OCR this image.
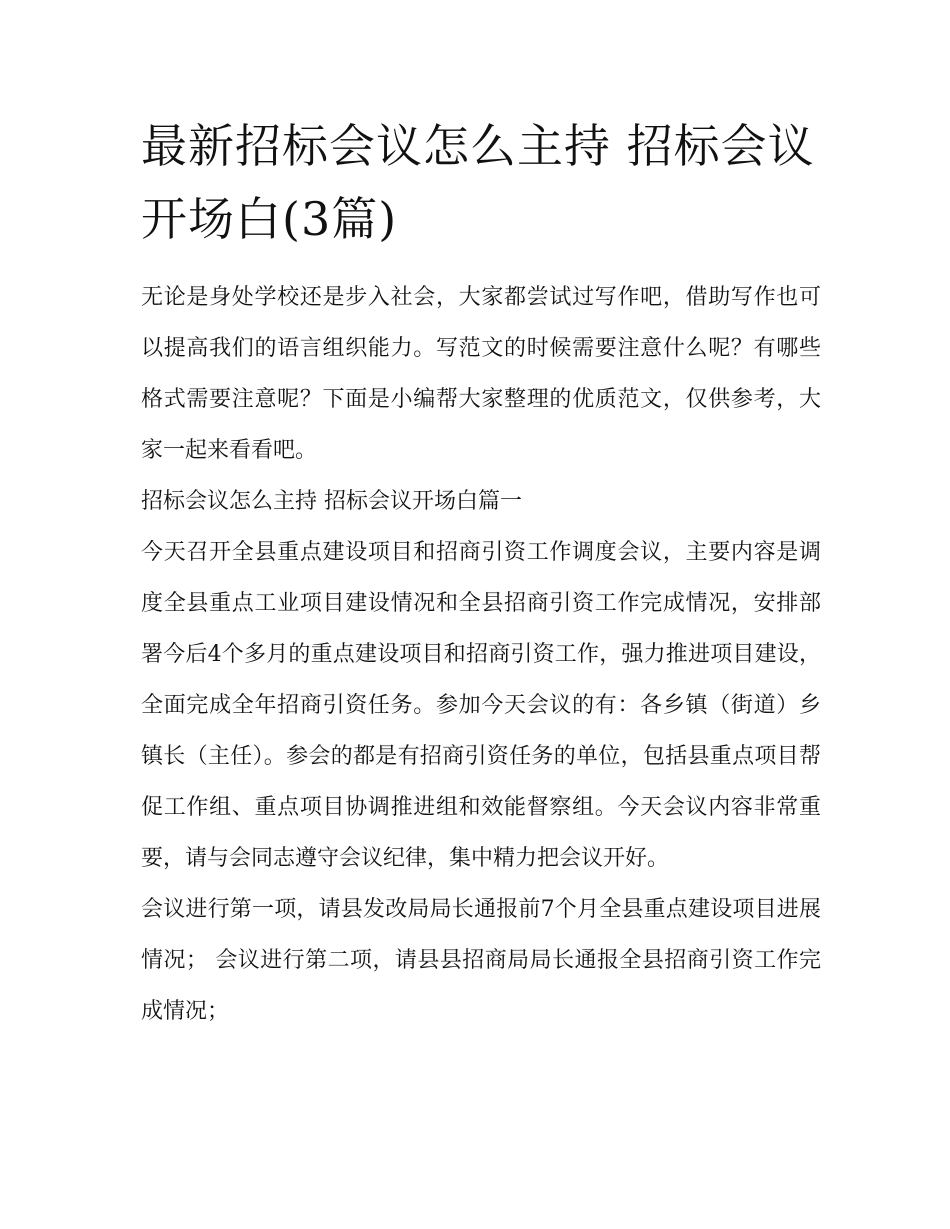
最新招标会议怎么主持 招标会议开场白(3篇)

无论是身处学校还是步入社会，大家都尝试过写作吧，借助写作也可以提高我们的语言组织能力。写范文的时候需要注意什么呢？有哪些格式需要注意呢？下面是小编帮大家整理的优质范文，仅供参考，大家一起来看看吧。

招标会议怎么主持 招标会议开场白篇一

今天召开全县重点建设项目和招商引资工作调度会议，主要内容是调度全县重点工业项目建设情况和全县招商引资工作完成情况，安排部署今后4个多月的重点建设项目和招商引资工作，强力推进项目建设，全面完成全年招商引资任务。参加今天会议的有：各乡镇（街道）乡镇长（主任）。参会的都是有招商引资任务的单位，包括县重点项目帮促工作组、重点项目协调推进组和效能督察组。今天会议内容非常重要，请与会同志遵守会议纪律，集中精力把会议开好。

会议进行第一项，请县发改局局长通报前7个月全县重点建设项目进展情况； 会议进行第二项，请县县招商局局长通报全县招商引资工作完成情况；
